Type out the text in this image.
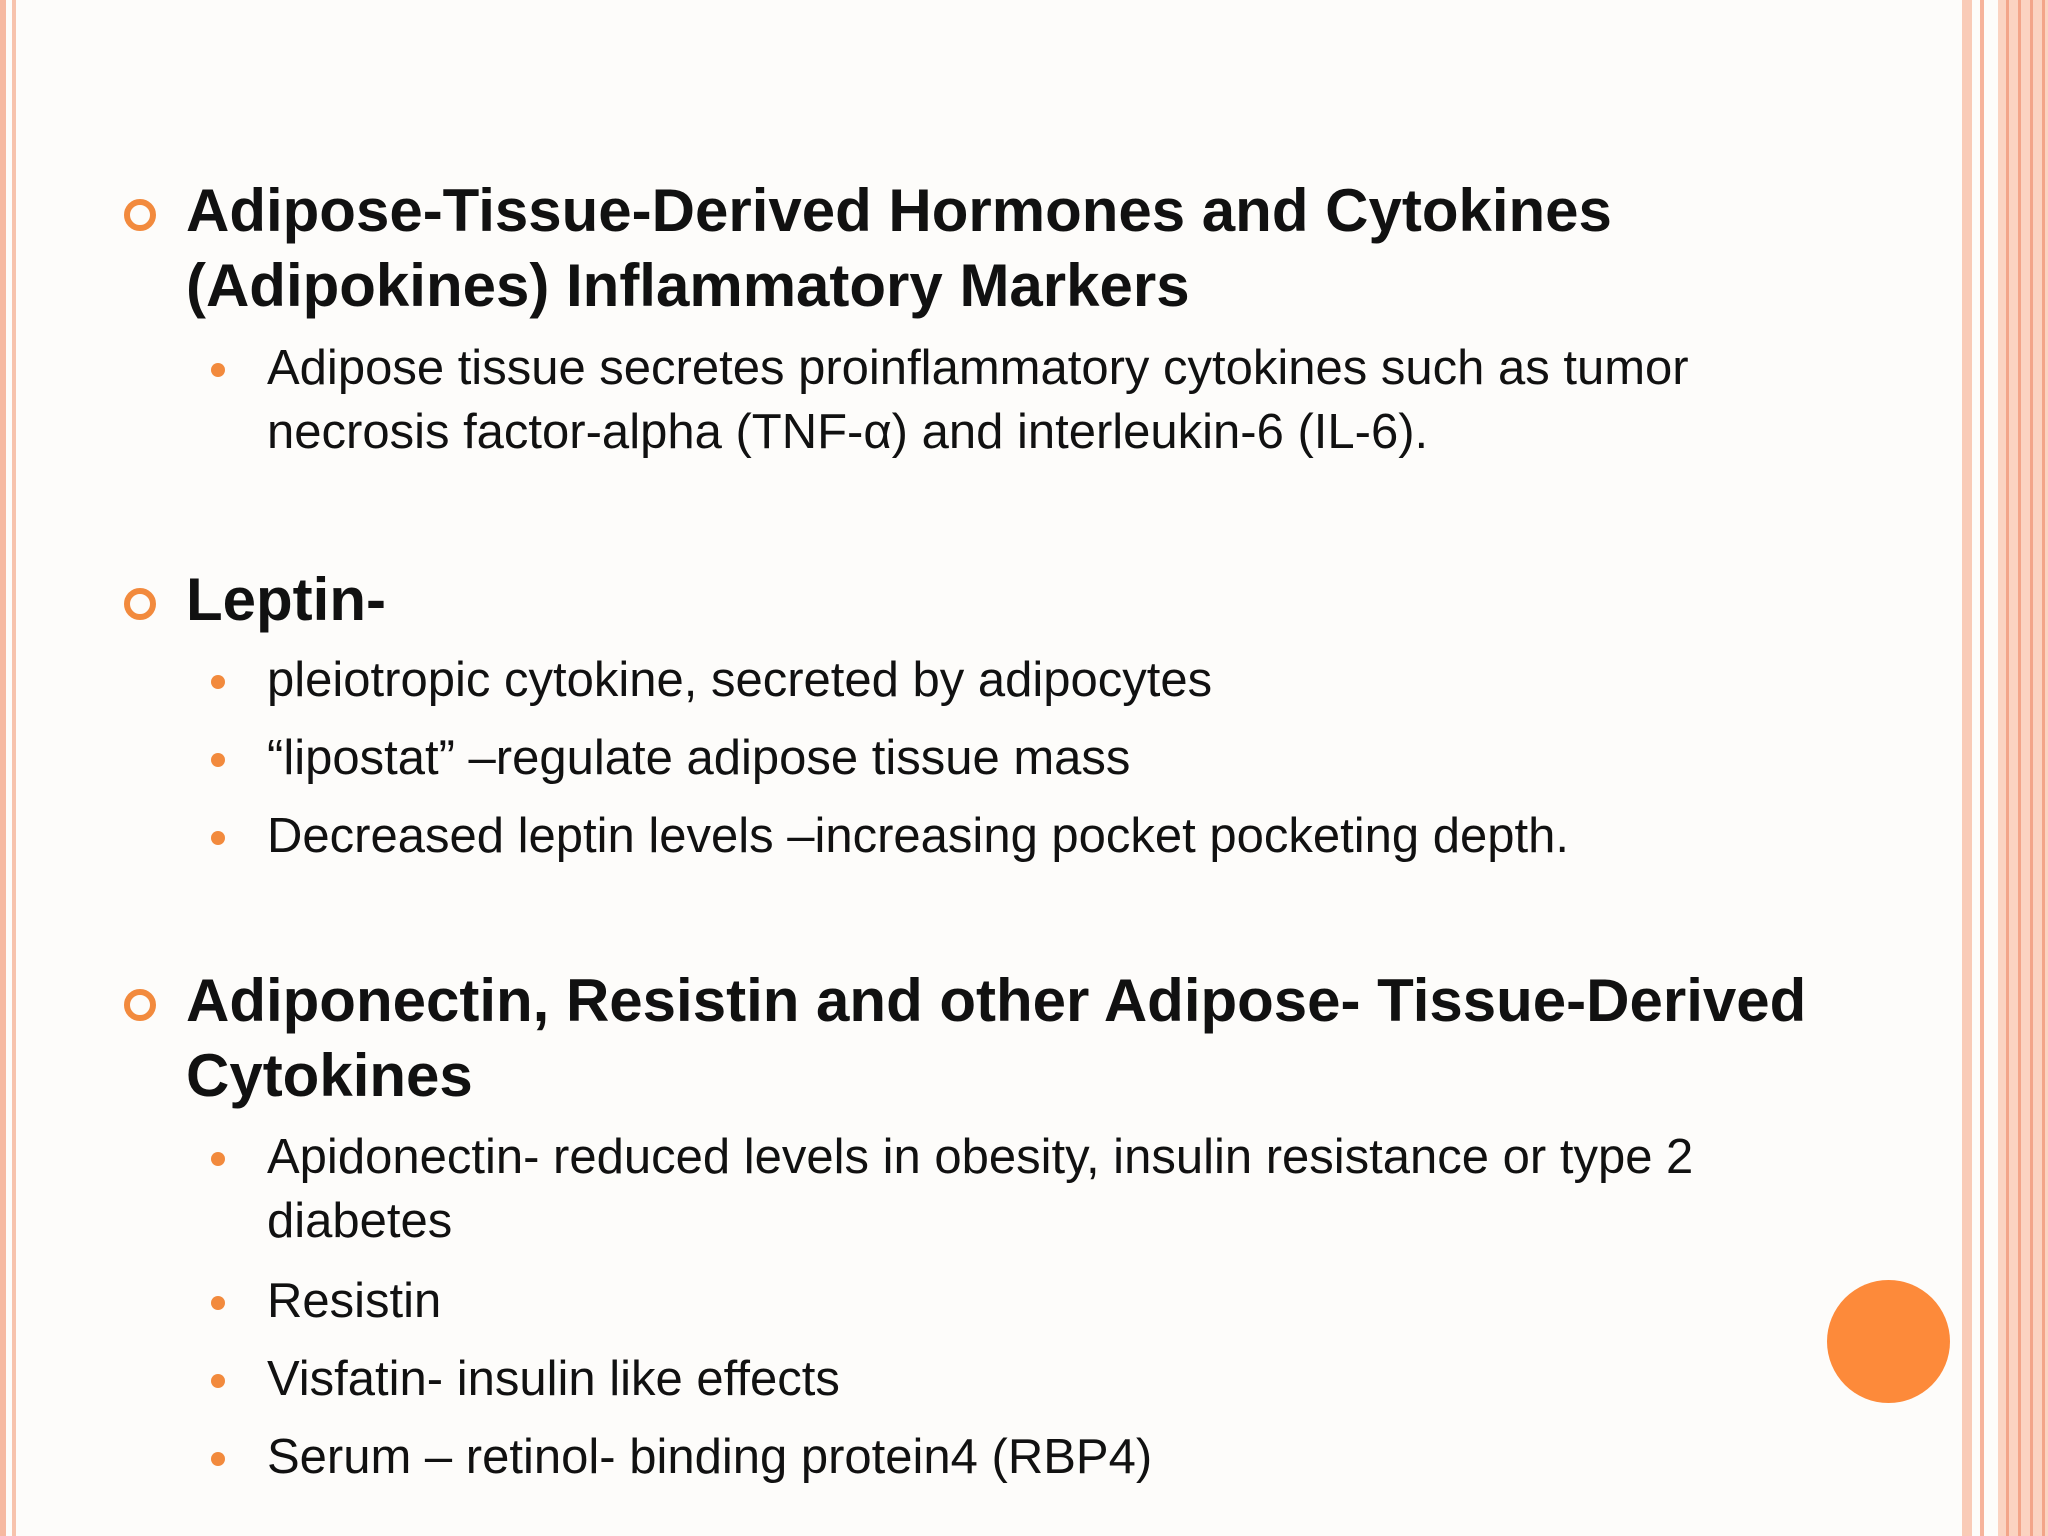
Adipose-Tissue-Derived Hormones and Cytokines (Adipokines) Inflammatory Markers
Adipose tissue secretes proinflammatory cytokines such as tumor necrosis factor-alpha (TNF-α) and interleukin-6 (IL-6).
Leptin-
pleiotropic cytokine, secreted by adipocytes
“lipostat” –regulate adipose tissue mass
Decreased leptin levels –increasing pocket pocketing depth.
Adiponectin, Resistin and other Adipose- Tissue-Derived Cytokines
Apidonectin- reduced levels in obesity, insulin resistance or type 2 diabetes
Resistin
Visfatin- insulin like effects
Serum – retinol- binding protein4 (RBP4)
